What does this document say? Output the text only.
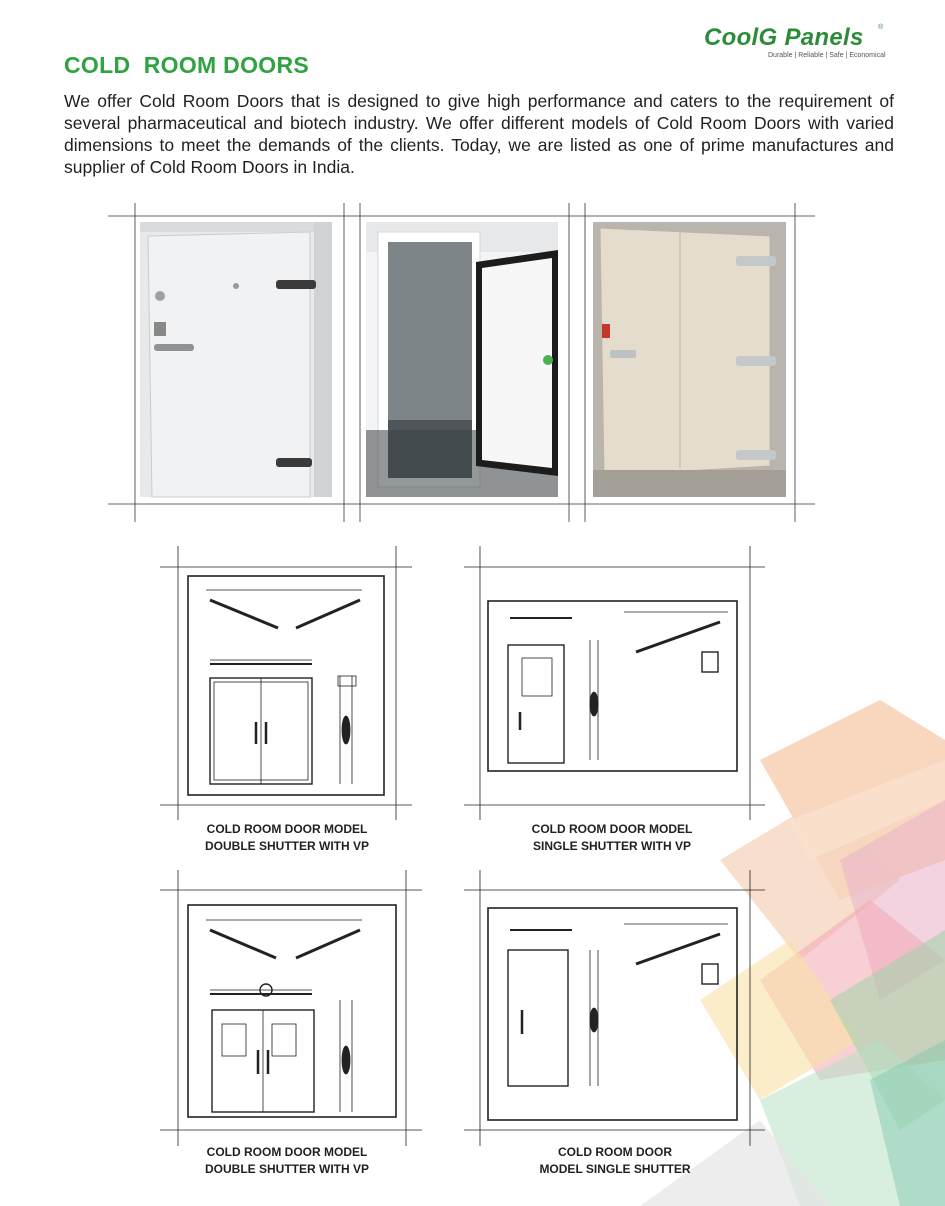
CoolG Panels ®
Durable | Reliable | Safe | Economical
COLD  ROOM DOORS

We offer Cold Room Doors that is designed to give high performance and caters to the requirement of several pharmaceutical and biotech industry. We offer different models of Cold Room Doors with varied dimensions to meet the demands of the clients. Today, we are listed as one of prime manufactures and supplier of Cold Room Doors in India.

COLD ROOM DOOR MODEL
DOUBLE SHUTTER WITH VP
COLD ROOM DOOR MODEL
SINGLE SHUTTER WITH VP
COLD ROOM DOOR MODEL
DOUBLE SHUTTER WITH VP
COLD ROOM DOOR
MODEL SINGLE SHUTTER
